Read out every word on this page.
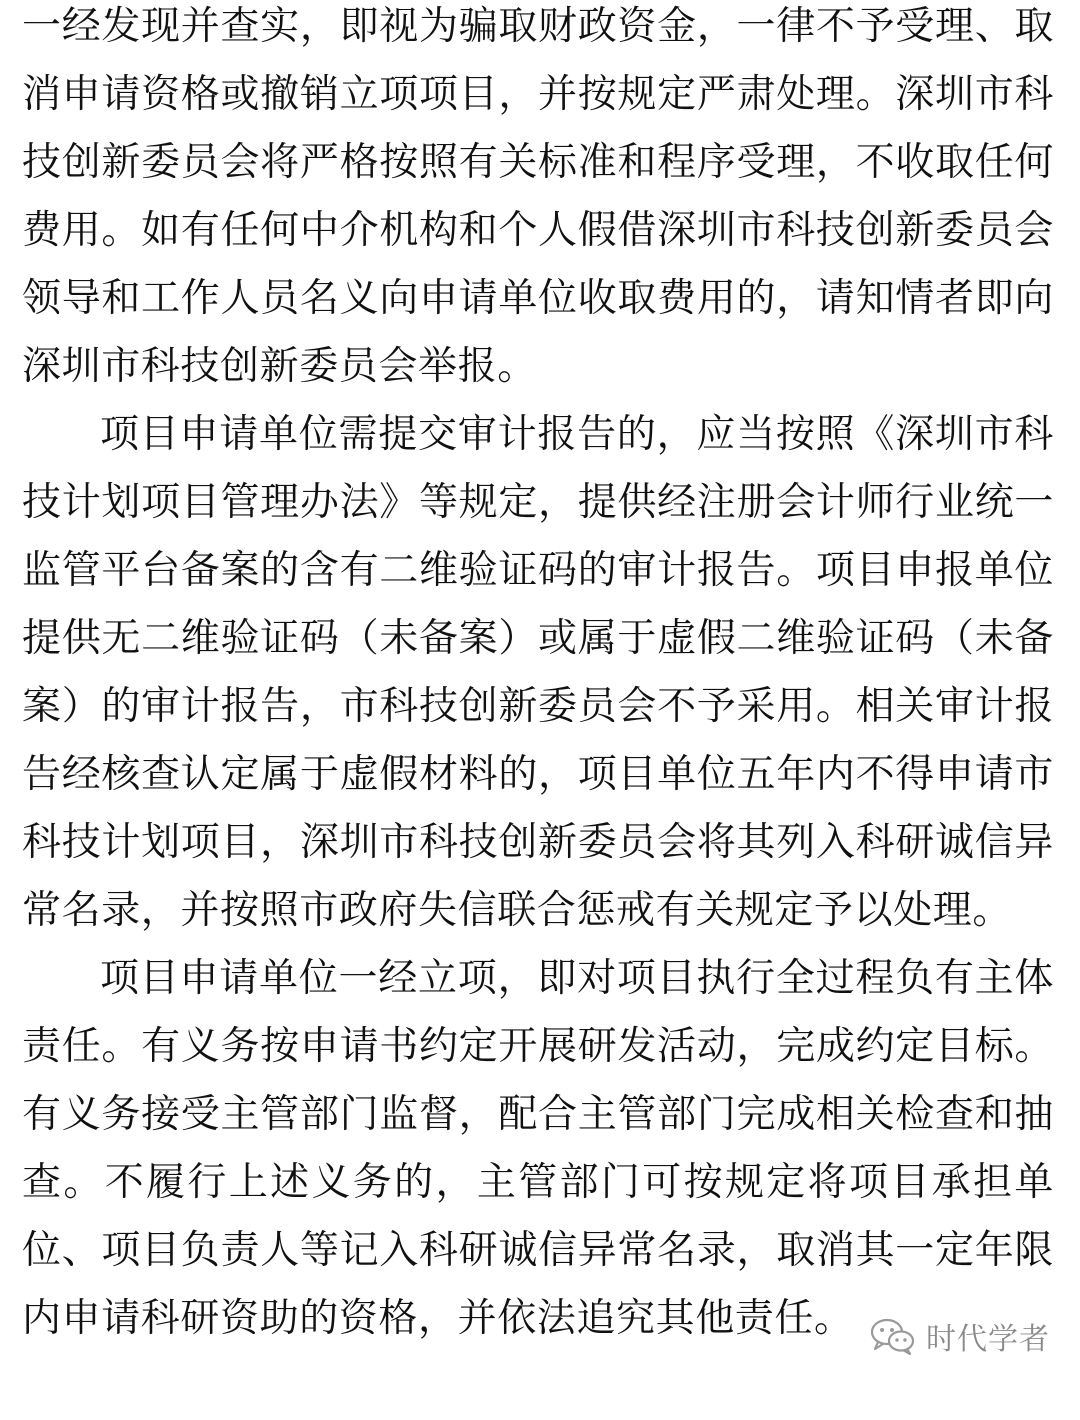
一经发现并查实，即视为骗取财政资金，一律不予受理、取消申请资格或撤销立项项目，并按规定严肃处理。深圳市科技创新委员会将严格按照有关标准和程序受理，不收取任何费用。如有任何中介机构和个人假借深圳市科技创新委员会领导和工作人员名义向申请单位收取费用的，请知情者即向深圳市科技创新委员会举报。

项目申请单位需提交审计报告的，应当按照《深圳市科技计划项目管理办法》等规定，提供经注册会计师行业统一监管平台备案的含有二维验证码的审计报告。项目申报单位提供无二维验证码（未备案）或属于虚假二维验证码（未备案）的审计报告，市科技创新委员会不予采用。相关审计报告经核查认定属于虚假材料的，项目单位五年内不得申请市科技计划项目，深圳市科技创新委员会将其列入科研诚信异常名录，并按照市政府失信联合惩戒有关规定予以处理。

项目申请单位一经立项，即对项目执行全过程负有主体责任。有义务按申请书约定开展研发活动，完成约定目标。有义务接受主管部门监督，配合主管部门完成相关检查和抽查。不履行上述义务的，主管部门可按规定将项目承担单位、项目负责人等记入科研诚信异常名录，取消其一定年限内申请科研资助的资格，并依法追究其他责任。	时代学者
